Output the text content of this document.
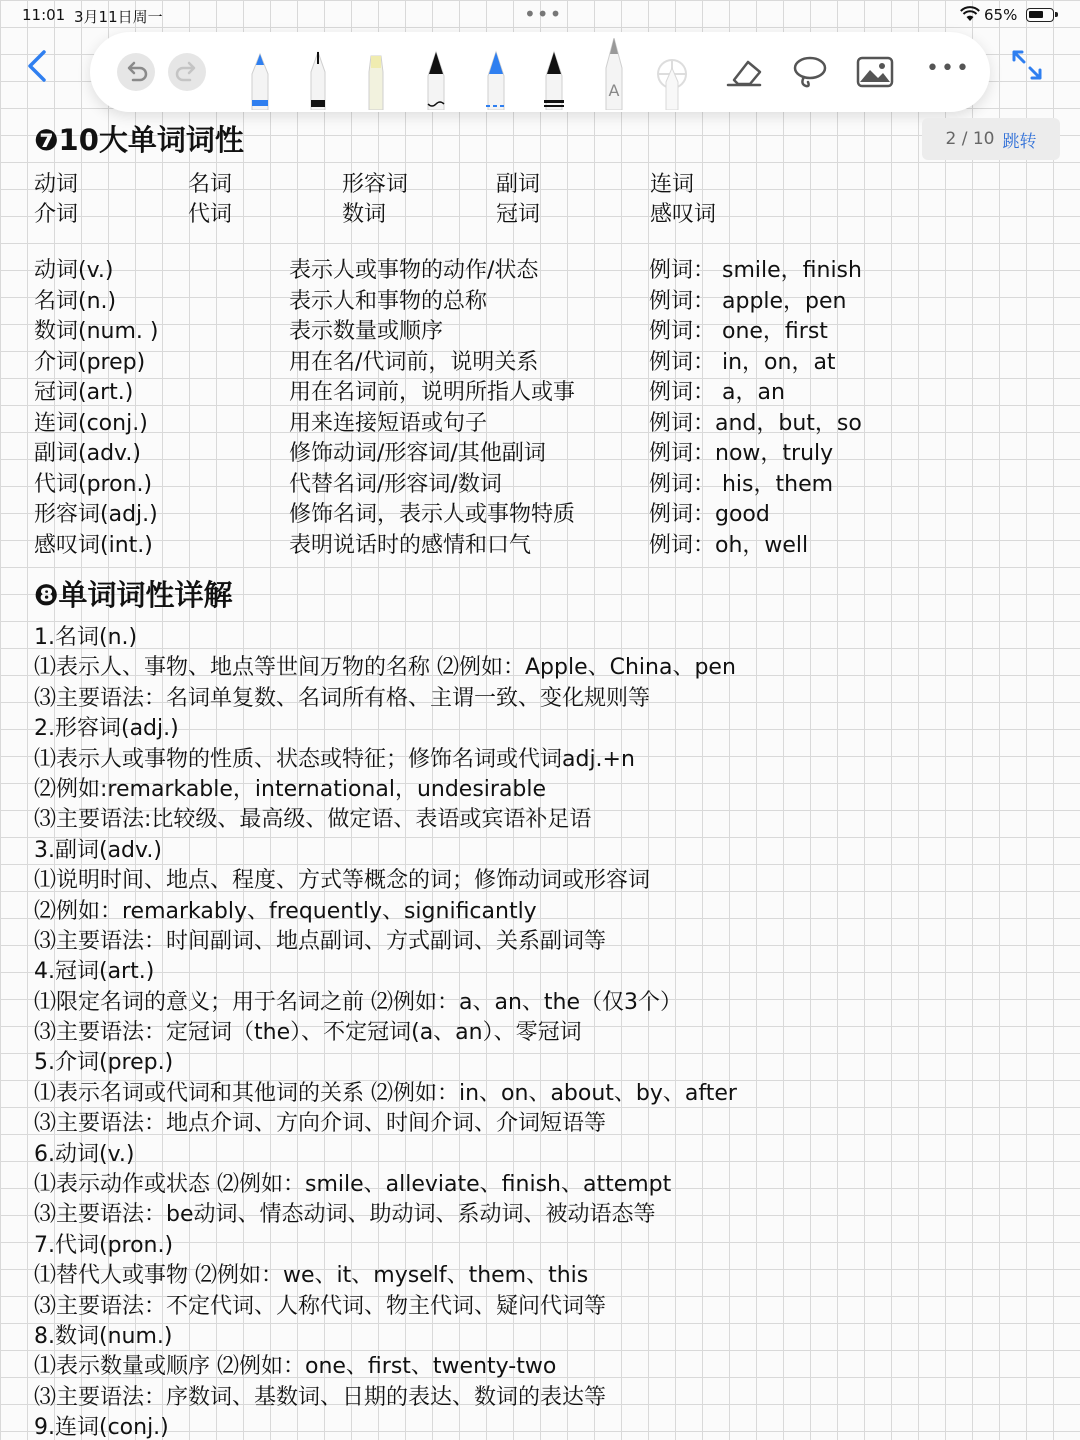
11:01 3月11日周一	•••	65%
A
•••
2 / 10 跳转
❼10大单词词性
动词	名词	形容词	副词	连词
介词	代词	数词	冠词	感叹词
动词(v.)	表示人或事物的动作/状态	例词： smile，finish
名词(n.)	表示人和事物的总称	例词： apple，pen
数词(num. )	表示数量或顺序	例词： one，first
介词(prep)	用在名/代词前，说明关系	例词： in，on，at
冠词(art.)	用在名词前，说明所指人或事	例词： a，an
连词(conj.)	用来连接短语或句子	例词：and，but，so
副词(adv.)	修饰动词/形容词/其他副词	例词：now，truly
代词(pron.)	代替名词/形容词/数词	例词： his，them
形容词(adj.)	修饰名词，表示人或事物特质	例词：good
感叹词(int.)	表明说话时的感情和口气	例词：oh，well
❽单词词性详解
1.名词(n.)
⑴表示人、事物、地点等世间万物的名称 ⑵例如：Apple、China、pen
⑶主要语法：名词单复数、名词所有格、主谓一致、变化规则等
2.形容词(adj.)
⑴表示人或事物的性质、状态或特征；修饰名词或代词adj.+n
⑵例如:remarkable，international，undesirable
⑶主要语法:比较级、最高级、做定语、表语或宾语补足语
3.副词(adv.)
⑴说明时间、地点、程度、方式等概念的词；修饰动词或形容词
⑵例如：remarkably、frequently、significantly
⑶主要语法：时间副词、地点副词、方式副词、关系副词等
4.冠词(art.)
⑴限定名词的意义；用于名词之前 ⑵例如：a、an、the（仅3个）
⑶主要语法：定冠词（the）、不定冠词(a、an）、零冠词
5.介词(prep.)
⑴表示名词或代词和其他词的关系 ⑵例如：in、on、about、by、after
⑶主要语法：地点介词、方向介词、时间介词、介词短语等
6.动词(v.)
⑴表示动作或状态 ⑵例如：smile、alleviate、finish、attempt
⑶主要语法：be动词、情态动词、助动词、系动词、被动语态等
7.代词(pron.)
⑴替代人或事物 ⑵例如：we、it、myself、them、this
⑶主要语法：不定代词、人称代词、物主代词、疑问代词等
8.数词(num.)
⑴表示数量或顺序 ⑵例如：one、first、twenty-two
⑶主要语法：序数词、基数词、日期的表达、数词的表达等
9.连词(conj.)
